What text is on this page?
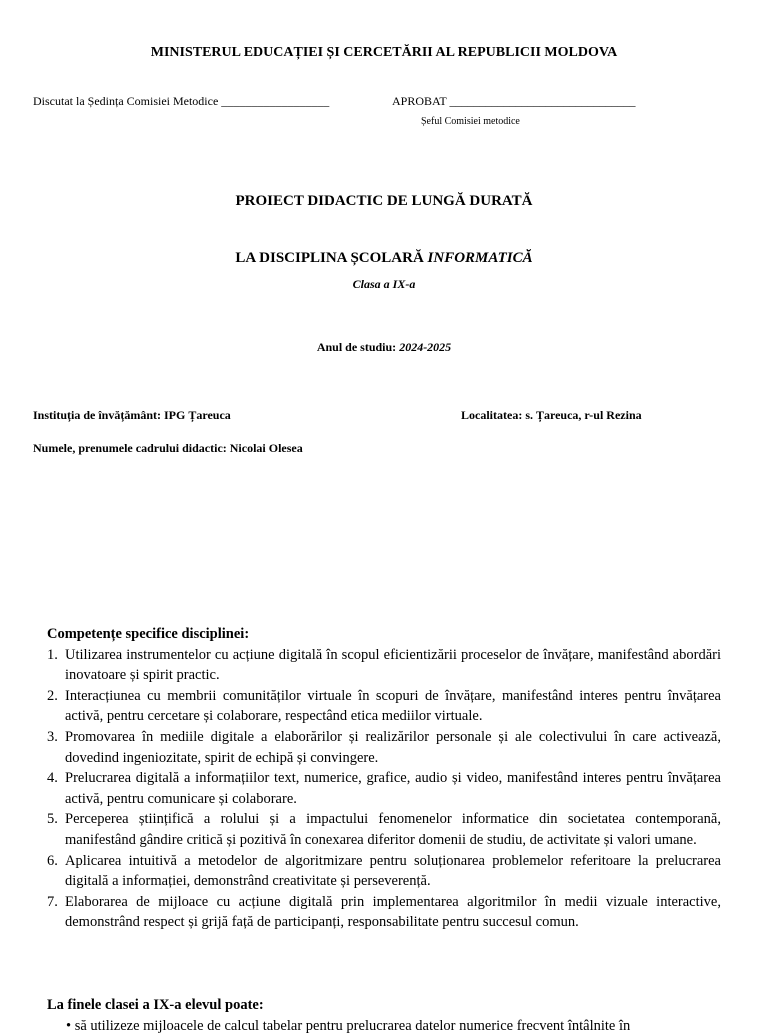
MINISTERUL EDUCAȚIEI ȘI CERCETĂRII AL REPUBLICII MOLDOVA
Discutat la Ședința Comisiei Metodice __________________	APROBAT _______________________________
Șeful Comisiei metodice
PROIECT DIDACTIC DE LUNGĂ DURATĂ
LA DISCIPLINA ȘCOLARĂ INFORMATICĂ
Clasa a IX-a
Anul de studiu: 2024-2025
Instituția de învățământ: IPG Țareuca	Localitatea: s. Țareuca, r-ul Rezina
Numele, prenumele cadrului didactic: Nicolai Olesea
Competențe specifice disciplinei:
1. Utilizarea instrumentelor cu acțiune digitală în scopul eficientizării proceselor de învățare, manifestând abordări inovatoare și spirit practic.
2. Interacțiunea cu membrii comunităților virtuale în scopuri de învățare, manifestând interes pentru învățarea activă, pentru cercetare și colaborare, respectând etica mediilor virtuale.
3. Promovarea în mediile digitale a elaborărilor și realizărilor personale și ale colectivului în care activează, dovedind ingeniozitate, spirit de echipă și convingere.
4. Prelucrarea digitală a informațiilor text, numerice, grafice, audio și video, manifestând interes pentru învățarea activă, pentru comunicare și colaborare.
5. Perceperea științifică a rolului și a impactului fenomenelor informatice din societatea contemporană, manifestând gândire critică și pozitivă în conexarea diferitor domenii de studiu, de activitate și valori umane.
6. Aplicarea intuitivă a metodelor de algoritmizare pentru soluționarea problemelor referitoare la prelucrarea digitală a informației, demonstrând creativitate și perseverență.
7. Elaborarea de mijloace cu acțiune digitală prin implementarea algoritmilor în medii vizuale interactive, demonstrând respect și grijă față de participanți, responsabilitate pentru succesul comun.
La finele clasei a IX-a elevul poate:
• să utilizeze mijloacele de calcul tabelar pentru prelucrarea datelor numerice frecvent întâlnite în
